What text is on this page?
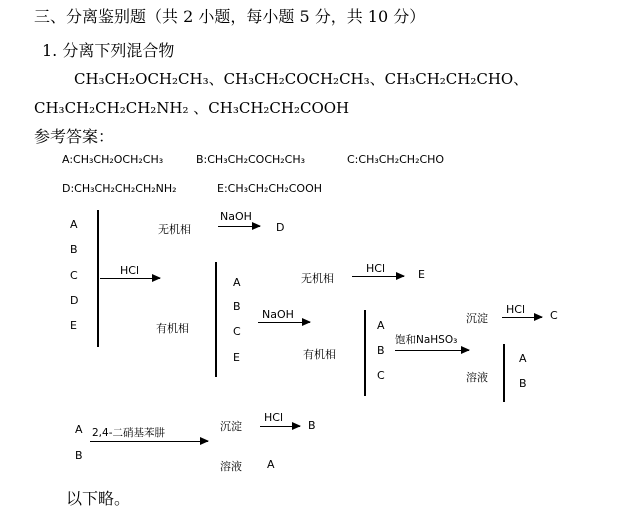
三、分离鉴别题（共 2 小题，每小题 5 分，共 10 分）
1. 分离下列混合物
CH₃CH₂OCH₂CH₃、CH₃CH₂COCH₂CH₃、CH₃CH₂CH₂CHO、
CH₃CH₂CH₂CH₂NH₂ 、CH₃CH₂CH₂COOH
参考答案：
A:CH₃CH₂OCH₂CH₃	B:CH₃CH₂COCH₂CH₃	C:CH₃CH₂CH₂CHO
D:CH₃CH₂CH₂CH₂NH₂	E:CH₃CH₂CH₂COOH
A
B
C
D
E
HCl
无机相
NaOH
D
有机相
A
B
C
E
NaOH
无机相
HCl	E
有机相
A
B
C
饱和NaHSO₃
沉淀
HCl C
溶液
A
B
A
B
2,4-二硝基苯肼	沉淀
HCl
B
溶液 A
以下略。
